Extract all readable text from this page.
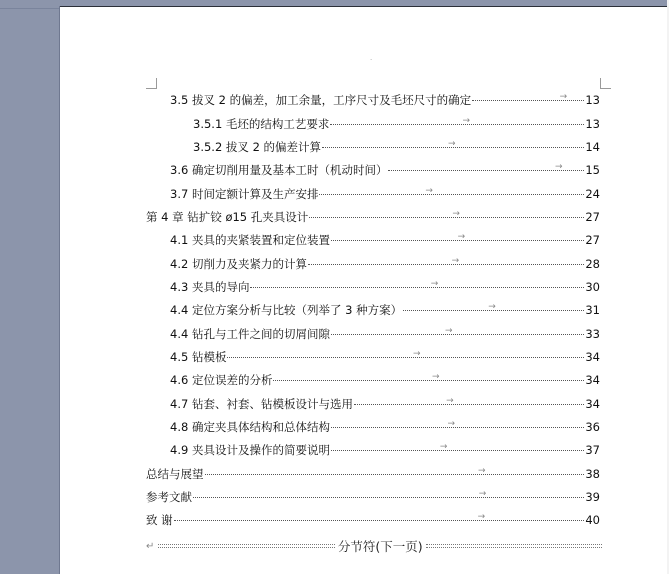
·
3.5 拔叉 2 的偏差，加工余量，工序尺寸及毛坯尺寸的确定	→ 13
3.5.1 毛坯的结构工艺要求	→	13
3.5.2 拔叉 2 的偏差计算	→	14
3.6 确定切削用量及基本工时（机动时间）	→ 15
3.7 时间定额计算及生产安排	→	24
第 4 章 钻扩铰 ø15 孔夹具设计	→	27
4.1 夹具的夹紧装置和定位装置	→	27
4.2 切削力及夹紧力的计算	→	28
4.3 夹具的导向	→	30
4.4 定位方案分析与比较（列举了 3 种方案）	→	31
4.4 钻孔与工件之间的切屑间隙	→	33
4.5 钻模板	→	34
4.6 定位误差的分析	→	34
4.7 钻套、衬套、钻模板设计与选用	→	34
4.8 确定夹具体结构和总体结构	→	36
4.9 夹具设计及操作的简要说明	→	37
总结与展望	→	38
参考文献	→	39
致 谢	→	40
↵	分节符(下一页)
